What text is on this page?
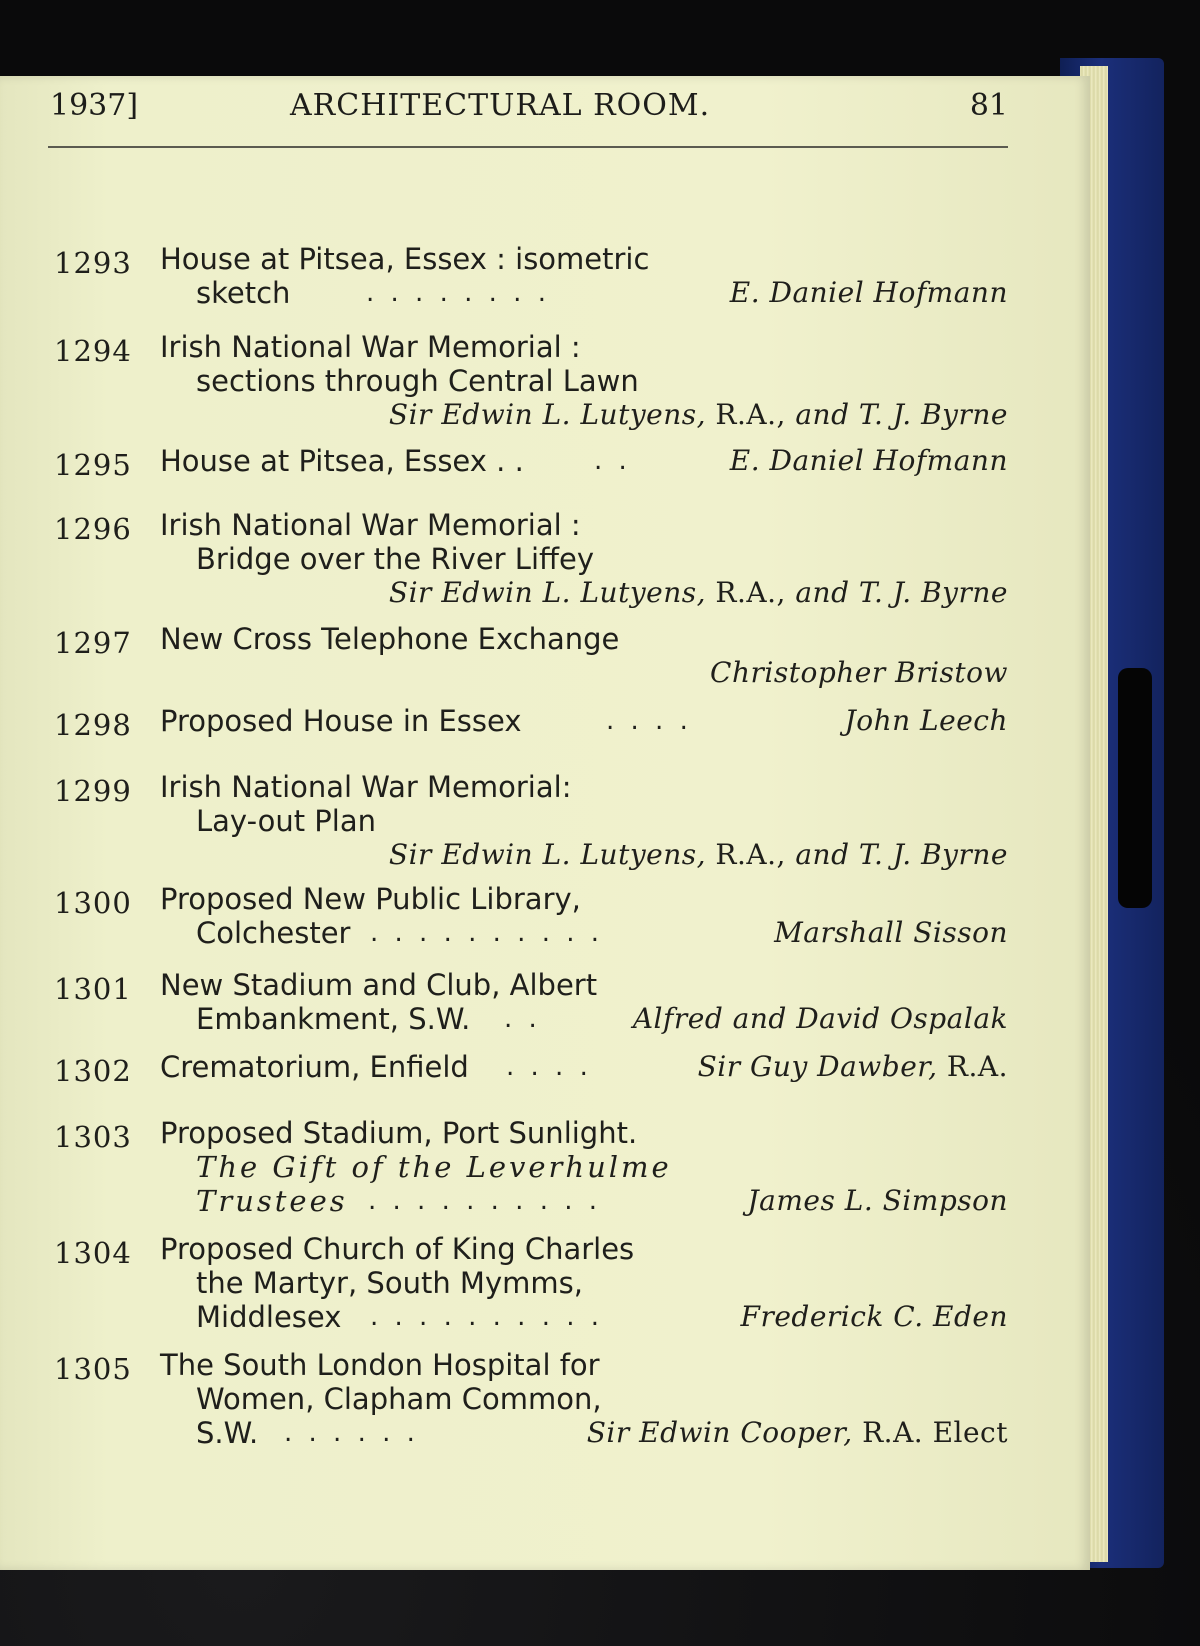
1937]	ARCHITECTURAL ROOM.	81
1293 House at Pitsea, Essex : isometric
sketch	. . . . . . . .	E. Daniel Hofmann
1294 Irish National War Memorial :
sections through Central Lawn
Sir Edwin L. Lutyens, R.A., and T. J. Byrne
1295 House at Pitsea, Essex . .	. .	E. Daniel Hofmann
1296 Irish National War Memorial :
Bridge over the River Liffey
Sir Edwin L. Lutyens, R.A., and T. J. Byrne
1297 New Cross Telephone Exchange
Christopher Bristow
1298 Proposed House in Essex	. . . .	John Leech
1299 Irish National War Memorial:
Lay-out Plan
Sir Edwin L. Lutyens, R.A., and T. J. Byrne
1300 Proposed New Public Library,
Colchester . . . . . . . . . .	Marshall Sisson
1301 New Stadium and Club, Albert
Embankment, S.W. . .	Alfred and David Ospalak
1302 Crematorium, Enfield . . . .	Sir Guy Dawber, R.A.
1303 Proposed Stadium, Port Sunlight.
The Gift of the Leverhulme
Trustees . . . . . . . . . .	James L. Simpson
1304 Proposed Church of King Charles
the Martyr, South Mymms,
Middlesex . . . . . . . . . .	Frederick C. Eden
1305 The South London Hospital for
Women, Clapham Common,
S.W. . . . . . .	Sir Edwin Cooper, R.A. Elect
